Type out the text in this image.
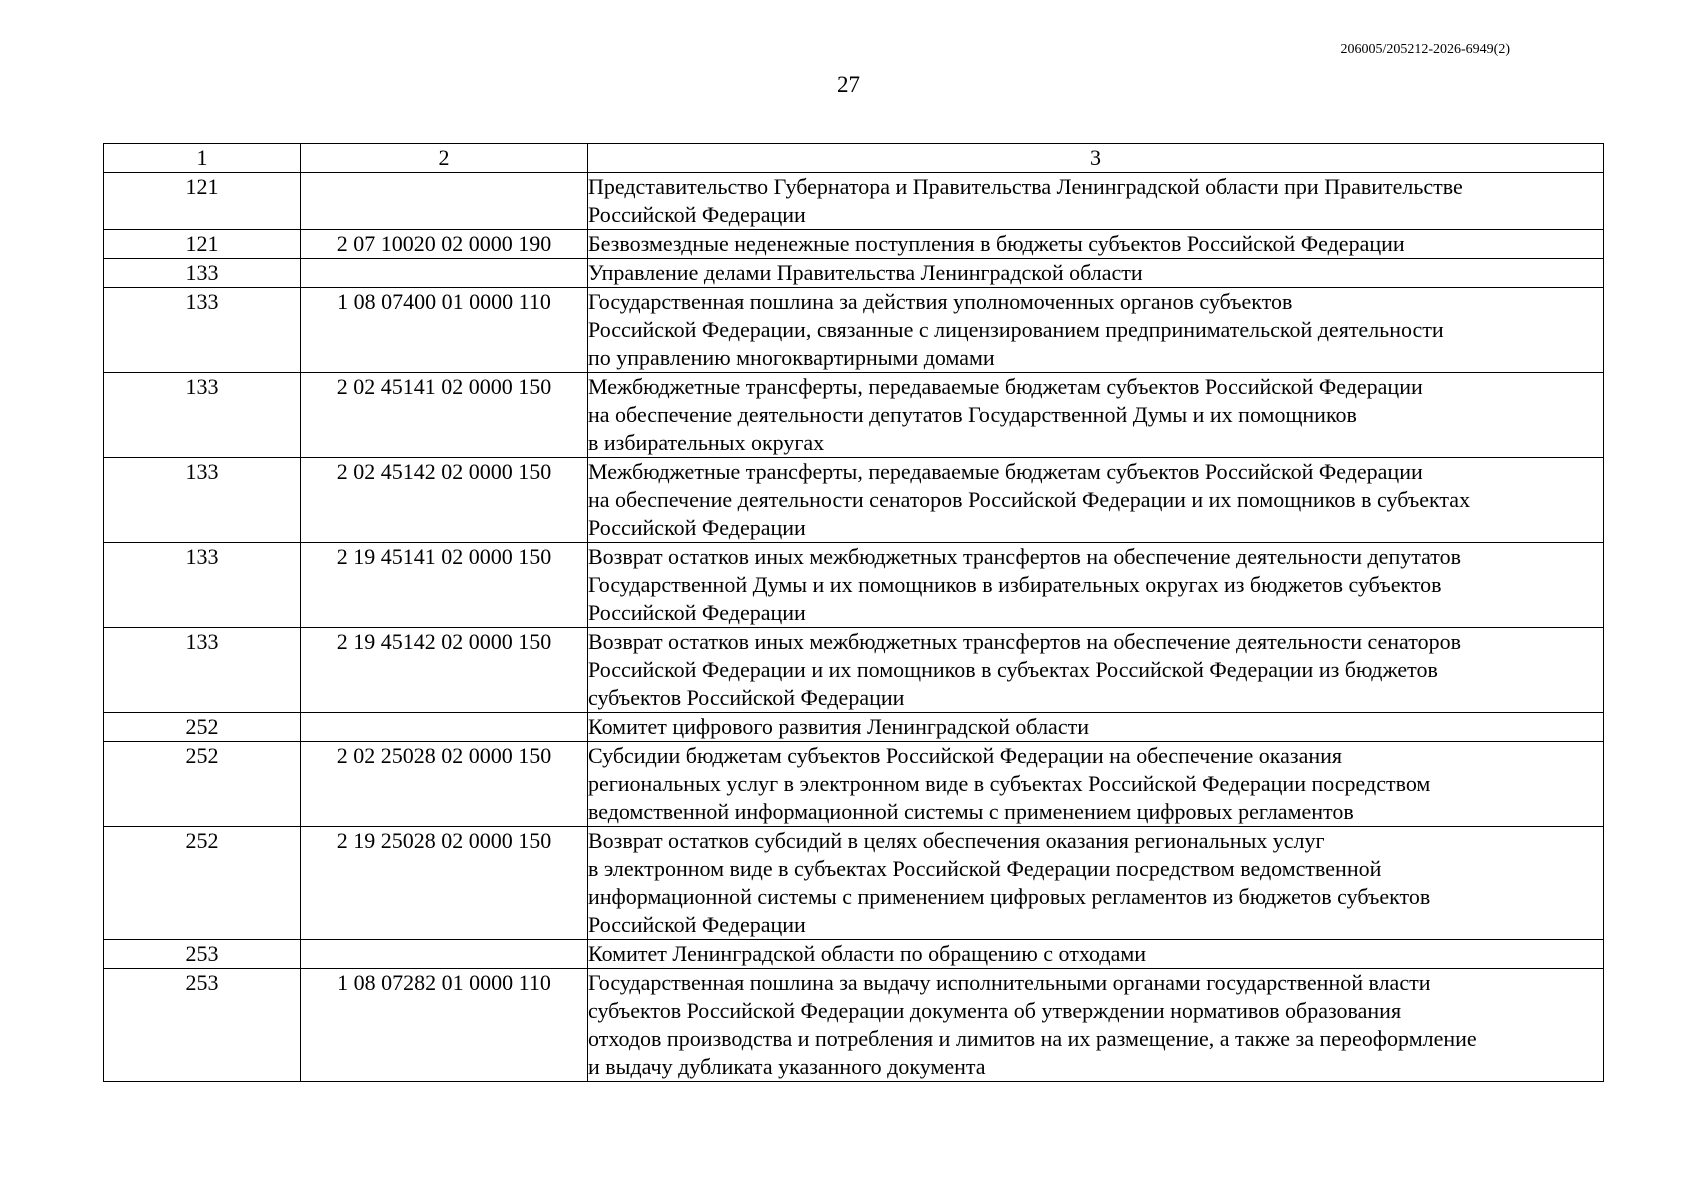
206005/205212-2026-6949(2)
27
1	2	3
121		Представительство Губернатора и Правительства Ленинградской области при Правительстве
Российской Федерации

121	2 07 10020 02 0000 190	Безвозмездные неденежные поступления в бюджеты субъектов Российской Федерации

133		Управление делами Правительства Ленинградской области

133	1 08 07400 01 0000 110	Государственная пошлина за действия уполномоченных органов субъектов
Российской Федерации, связанные с лицензированием предпринимательской деятельности
по управлению многоквартирными домами

133	2 02 45141 02 0000 150	Межбюджетные трансферты, передаваемые бюджетам субъектов Российской Федерации
на обеспечение деятельности депутатов Государственной Думы и их помощников
в избирательных округах

133	2 02 45142 02 0000 150	Межбюджетные трансферты, передаваемые бюджетам субъектов Российской Федерации
на обеспечение деятельности сенаторов Российской Федерации и их помощников в субъектах
Российской Федерации

133	2 19 45141 02 0000 150	Возврат остатков иных межбюджетных трансфертов на обеспечение деятельности депутатов
Государственной Думы и их помощников в избирательных округах из бюджетов субъектов
Российской Федерации

133	2 19 45142 02 0000 150	Возврат остатков иных межбюджетных трансфертов на обеспечение деятельности сенаторов
Российской Федерации и их помощников в субъектах Российской Федерации из бюджетов
субъектов Российской Федерации

252		Комитет цифрового развития Ленинградской области

252	2 02 25028 02 0000 150	Субсидии бюджетам субъектов Российской Федерации на обеспечение оказания
региональных услуг в электронном виде в субъектах Российской Федерации посредством
ведомственной информационной системы с применением цифровых регламентов

252	2 19 25028 02 0000 150	Возврат остатков субсидий в целях обеспечения оказания региональных услуг
в электронном виде в субъектах Российской Федерации посредством ведомственной
информационной системы с применением цифровых регламентов из бюджетов субъектов
Российской Федерации

253		Комитет Ленинградской области по обращению с отходами

253	1 08 07282 01 0000 110	Государственная пошлина за выдачу исполнительными органами государственной власти
субъектов Российской Федерации документа об утверждении нормативов образования
отходов производства и потребления и лимитов на их размещение, а также за переоформление
и выдачу дубликата указанного документа
